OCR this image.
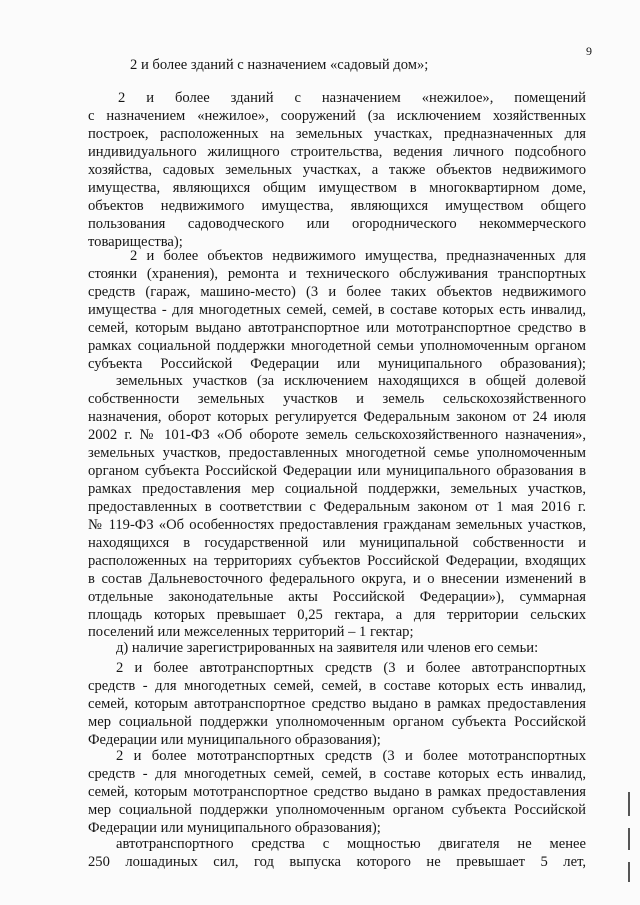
9
2 и более зданий с назначением «садовый дом»;
2 и более зданий с назначением «нежилое», помещений
с назначением «нежилое», сооружений (за исключением хозяйственных
построек, расположенных на земельных участках, предназначенных для
индивидуального жилищного строительства, ведения личного подсобного
хозяйства, садовых земельных участках, а также объектов недвижимого
имущества, являющихся общим имуществом в многоквартирном доме,
объектов недвижимого имущества, являющихся имуществом общего
пользования садоводческого или огороднического некоммерческого
товарищества);
2 и более объектов недвижимого имущества, предназначенных для
стоянки (хранения), ремонта и технического обслуживания транспортных
средств (гараж, машино-место) (3 и более таких объектов недвижимого
имущества - для многодетных семей, семей, в составе которых есть инвалид,
семей, которым выдано автотранспортное или мототранспортное средство в
рамках социальной поддержки многодетной семьи уполномоченным органом
субъекта Российской Федерации или муниципального образования);
земельных участков (за исключением находящихся в общей долевой
собственности земельных участков и земель сельскохозяйственного
назначения, оборот которых регулируется Федеральным законом от 24 июля
2002 г. № 101-ФЗ «Об обороте земель сельскохозяйственного назначения»,
земельных участков, предоставленных многодетной семье уполномоченным
органом субъекта Российской Федерации или муниципального образования в
рамках предоставления мер социальной поддержки, земельных участков,
предоставленных в соответствии с Федеральным законом от 1 мая 2016 г.
№ 119-ФЗ «Об особенностях предоставления гражданам земельных участков,
находящихся в государственной или муниципальной собственности и
расположенных на территориях субъектов Российской Федерации, входящих
в состав Дальневосточного федерального округа, и о внесении изменений в
отдельные законодательные акты Российской Федерации»), суммарная
площадь которых превышает 0,25 гектара, а для территории сельских
поселений или межселенных территорий – 1 гектар;
д) наличие зарегистрированных на заявителя или членов его семьи:
2 и более автотранспортных средств (3 и более автотранспортных
средств - для многодетных семей, семей, в составе которых есть инвалид,
семей, которым автотранспортное средство выдано в рамках предоставления
мер социальной поддержки уполномоченным органом субъекта Российской
Федерации или муниципального образования);
2 и более мототранспортных средств (3 и более мототранспортных
средств - для многодетных семей, семей, в составе которых есть инвалид,
семей, которым мототранспортное средство выдано в рамках предоставления
мер социальной поддержки уполномоченным органом субъекта Российской
Федерации или муниципального образования);
автотранспортного средства с мощностью двигателя не менее
250 лошадиных сил, год выпуска которого не превышает 5 лет,
